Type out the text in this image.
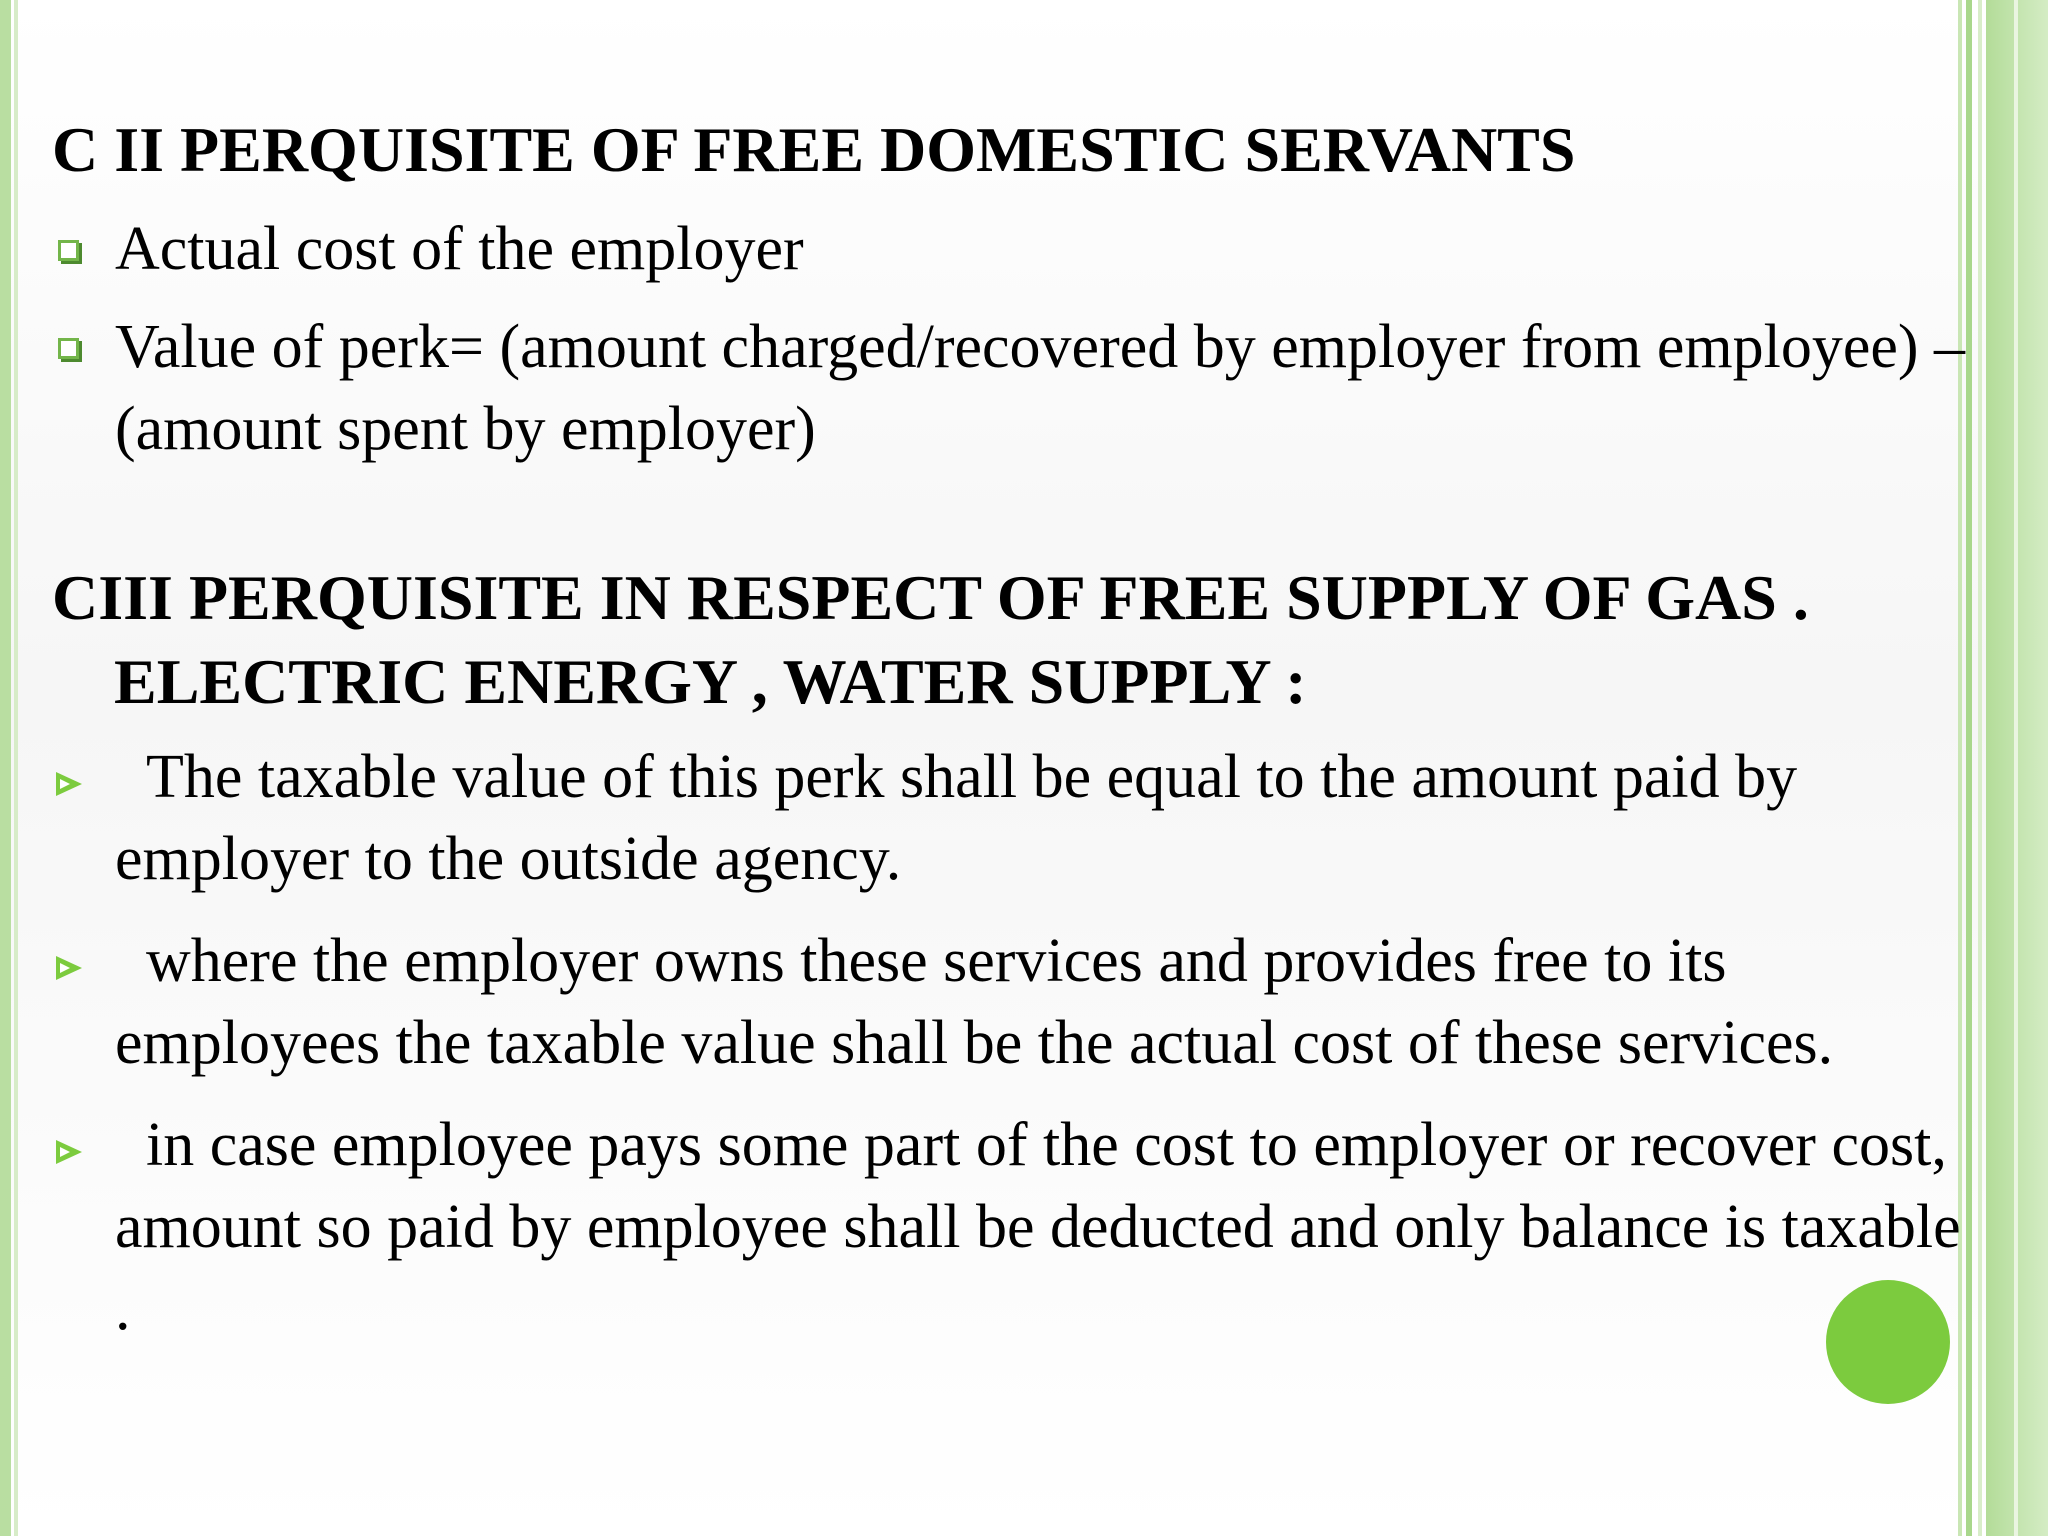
C II PERQUISITE OF FREE DOMESTIC SERVANTS
Actual cost of the employer
Value of perk= (amount charged/recovered by employer from employee) – (amount spent by employer)
CIII PERQUISITE IN RESPECT OF FREE SUPPLY OF GAS . ELECTRIC ENERGY , WATER SUPPLY :
The taxable value of this perk shall be equal to the amount paid by employer to the outside agency.
where the employer owns these services and provides free to its employees the taxable value shall be the actual cost of these services.
in case employee pays some part of the cost to employer or recover cost, amount so paid by employee shall be deducted and only balance is taxable .
